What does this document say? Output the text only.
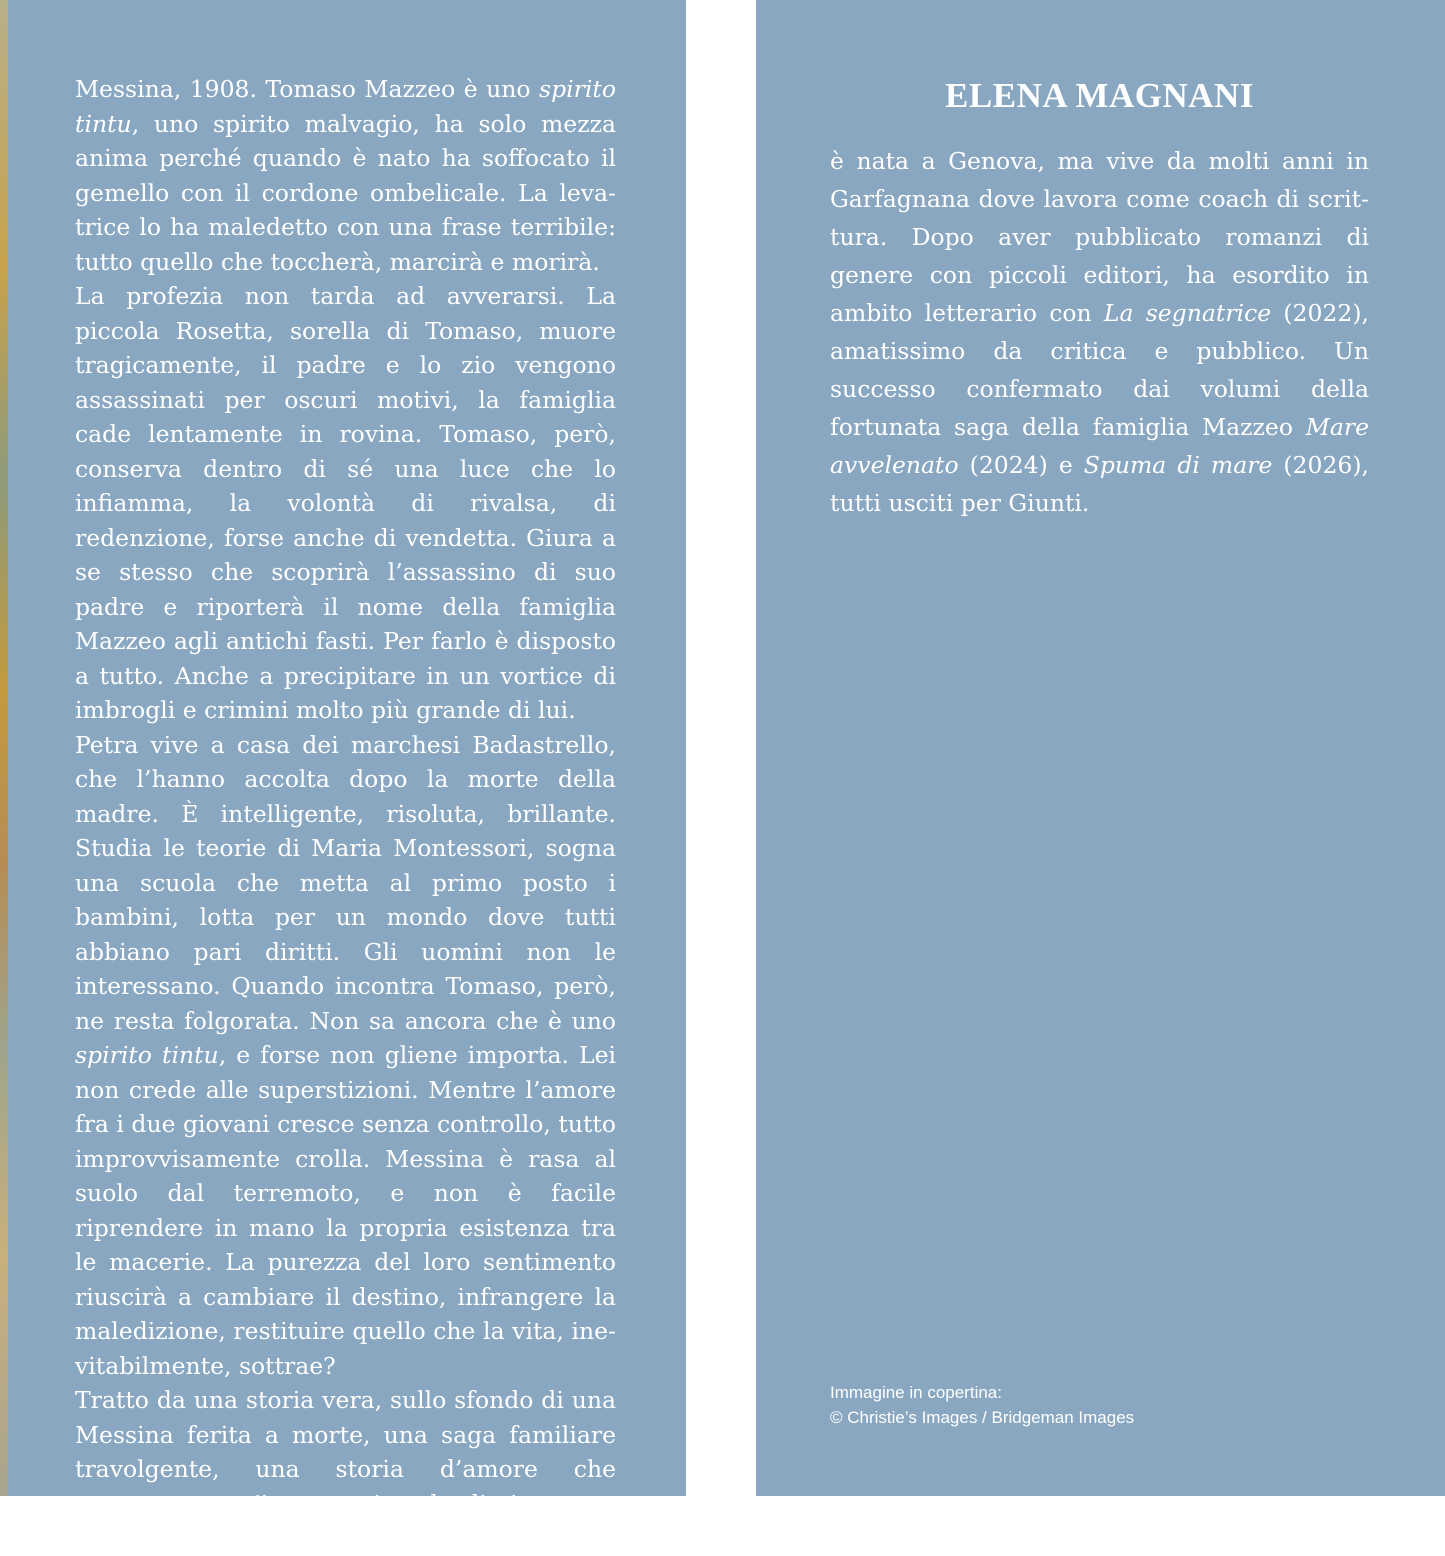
Messina, 1908. Tomaso Mazzeo è uno spirito tintu, uno spirito malvagio, ha solo mezza anima perché quando è nato ha soffocato il gemello con il cordone ombelicale. La levatrice lo ha maledetto con una frase terribile: tutto quello che toccherà, marcirà e morirà.

La profezia non tarda ad avverarsi. La piccola Rosetta, sorella di Tomaso, muore tragicamente, il padre e lo zio vengono assassinati per oscuri motivi, la famiglia cade lentamente in rovina. Tomaso, però, conserva dentro di sé una luce che lo infiamma, la volontà di rivalsa, di redenzione, forse anche di vendetta. Giura a se stesso che scoprirà l’assassino di suo padre e riporterà il nome della famiglia Mazzeo agli antichi fasti. Per farlo è disposto a tutto. Anche a precipitare in un vortice di imbrogli e crimini molto più grande di lui.

Petra vive a casa dei marchesi Badastrello, che l’hanno accolta dopo la morte della madre. È intelligente, risoluta, brillante. Studia le teorie di Maria Montessori, sogna una scuola che metta al primo posto i bambini, lotta per un mondo dove tutti abbiano pari diritti. Gli uomini non le interessano. Quando incontra Tomaso, però, ne resta folgorata. Non sa ancora che è uno spirito tintu, e forse non gliene importa. Lei non crede alle superstizioni. Mentre l’amore fra i due giovani cresce senza controllo, tutto improvvisamente crolla. Messina è rasa al suolo dal terremoto, e non è facile riprendere in mano la propria esistenza tra le macerie. La purezza del loro sentimento riuscirà a cambiare il destino, infrangere la maledizione, restituire quello che la vita, inevitabilmente, sottrae?

Tratto da una storia vera, sullo sfondo di una Messina ferita a morte, una saga familiare travolgente, una storia d’amore che commuove, un’intensa vicenda di riscatto e ricostruzione.

ELENA MAGNANI

è nata a Genova, ma vive da molti anni in Garfagnana dove lavora come coach di scrittura. Dopo aver pubblicato romanzi di genere con piccoli editori, ha esordito in ambito letterario con La segnatrice (2022), amatissimo da critica e pubblico. Un successo confermato dai volumi della fortunata saga della famiglia Mazzeo Mare avvelenato (2024) e Spuma di mare (2026), tutti usciti per Giunti.

Immagine in copertina:
© Christie’s Images / Bridgeman Images
